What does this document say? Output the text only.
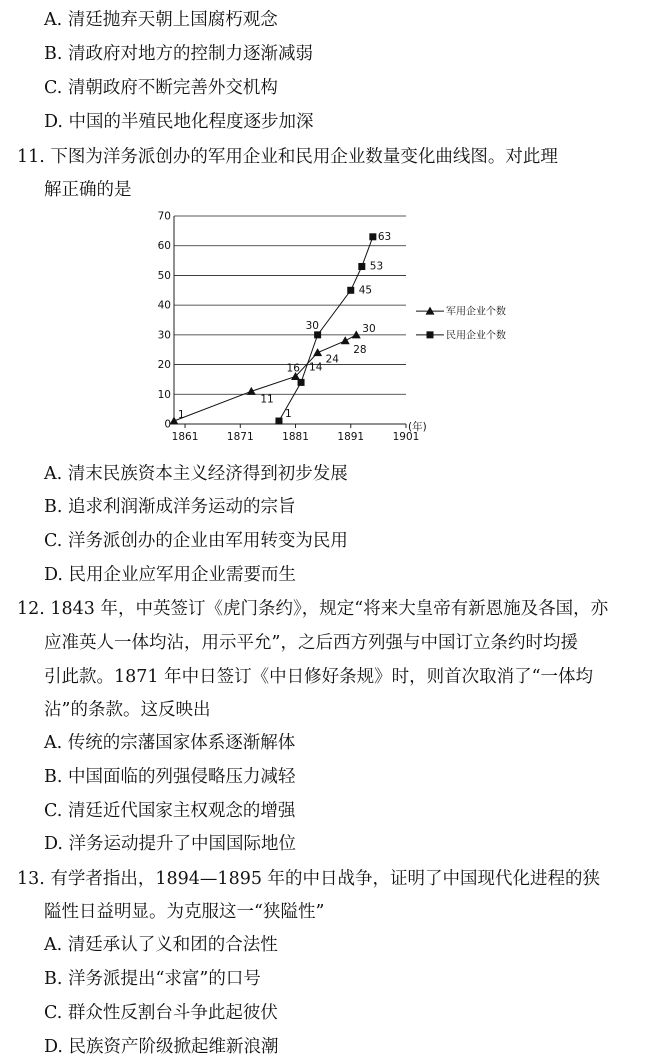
A. 清廷抛弃天朝上国腐朽观念
B. 清政府对地方的控制力逐渐减弱
C. 清朝政府不断完善外交机构
D. 中国的半殖民地化程度逐步加深
11. 下图为洋务派创办的军用企业和民用企业数量变化曲线图。对此理
解正确的是
0
10
20
30
40
50
60
70
1861	1871	1881	1891	1901
(年)
1
11
16
24
28
30
1
14
30
45
53
63
军用企业个数
民用企业个数
A. 清末民族资本主义经济得到初步发展
B. 追求利润渐成洋务运动的宗旨
C. 洋务派创办的企业由军用转变为民用
D. 民用企业应军用企业需要而生
12. 1843 年，中英签订《虎门条约》，规定“将来大皇帝有新恩施及各国，亦
应准英人一体均沾，用示平允”，之后西方列强与中国订立条约时均援
引此款。1871 年中日签订《中日修好条规》时，则首次取消了“一体均
沾”的条款。这反映出
A. 传统的宗藩国家体系逐渐解体
B. 中国面临的列强侵略压力减轻
C. 清廷近代国家主权观念的增强
D. 洋务运动提升了中国国际地位
13. 有学者指出，1894—1895 年的中日战争，证明了中国现代化进程的狭
隘性日益明显。为克服这一“狭隘性”
A. 清廷承认了义和团的合法性
B. 洋务派提出“求富”的口号
C. 群众性反割台斗争此起彼伏
D. 民族资产阶级掀起维新浪潮
